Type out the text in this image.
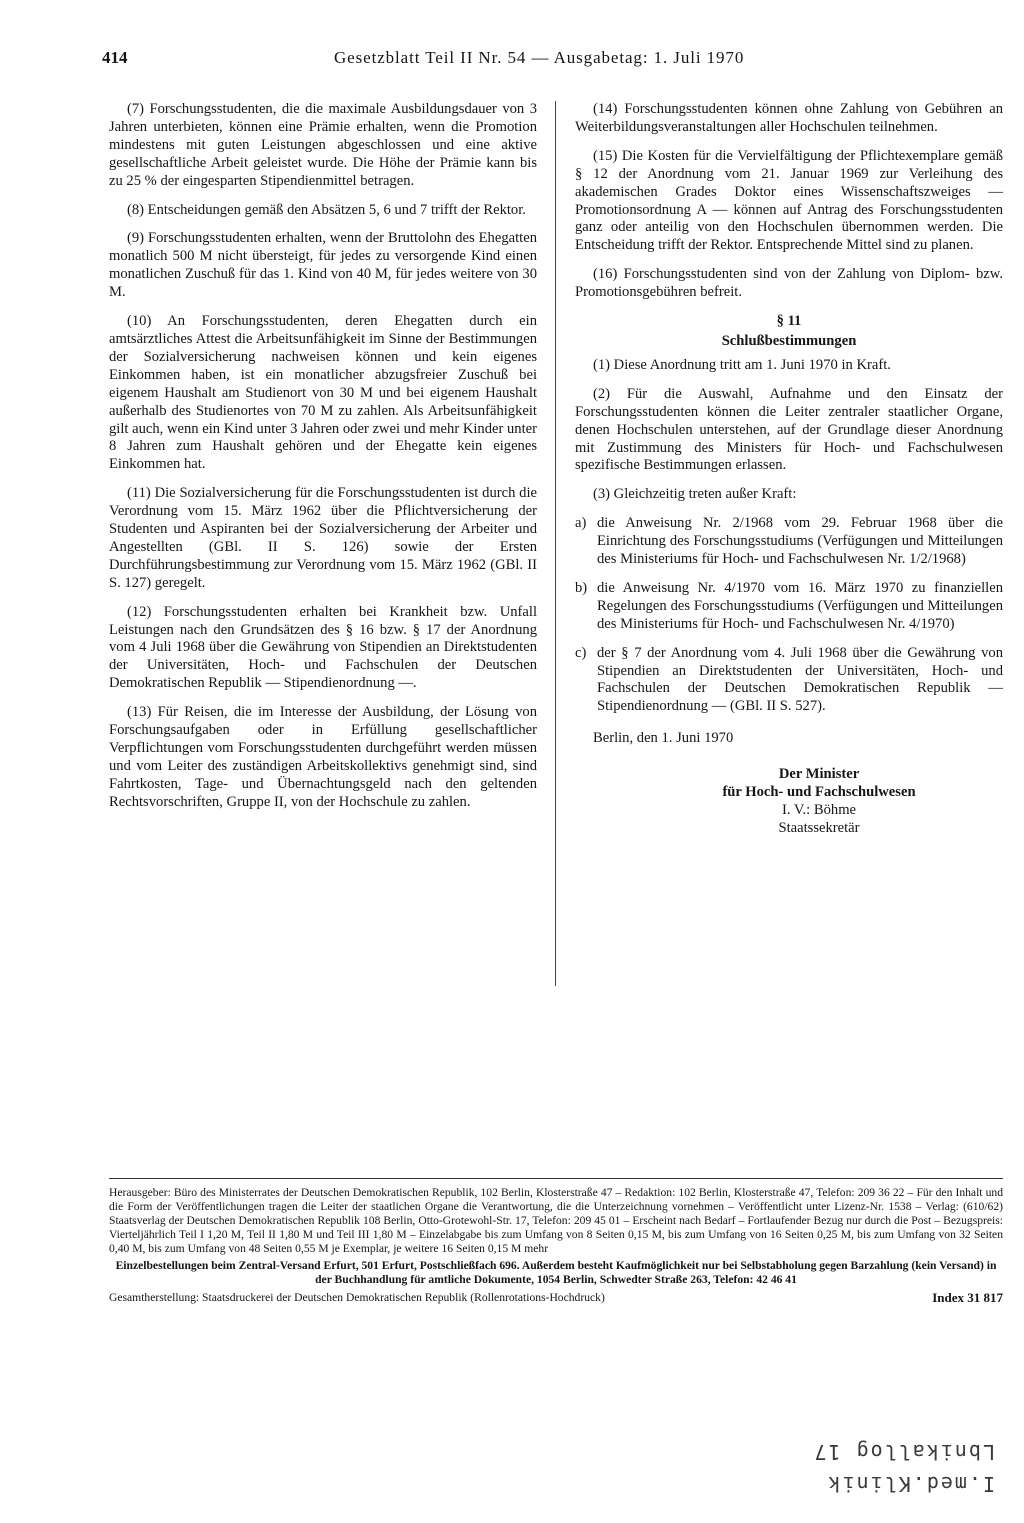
414	Gesetzblatt Teil II Nr. 54 — Ausgabetag: 1. Juli 1970

(7) Forschungsstudenten, die die maximale Ausbildungsdauer von 3 Jahren unterbieten, können eine Prämie erhalten, wenn die Promotion mindestens mit guten Leistungen abgeschlossen und eine aktive gesellschaftliche Arbeit geleistet wurde. Die Höhe der Prämie kann bis zu 25 % der eingesparten Stipendienmittel betragen.

(8) Entscheidungen gemäß den Absätzen 5, 6 und 7 trifft der Rektor.

(9) Forschungsstudenten erhalten, wenn der Bruttolohn des Ehegatten monatlich 500 M nicht übersteigt, für jedes zu versorgende Kind einen monatlichen Zuschuß für das 1. Kind von 40 M, für jedes weitere von 30 M.

(10) An Forschungsstudenten, deren Ehegatten durch ein amtsärztliches Attest die Arbeitsunfähigkeit im Sinne der Bestimmungen der Sozialversicherung nachweisen können und kein eigenes Einkommen haben, ist ein monatlicher abzugsfreier Zuschuß bei eigenem Haushalt am Studienort von 30 M und bei eigenem Haushalt außerhalb des Studienortes von 70 M zu zahlen. Als Arbeitsunfähigkeit gilt auch, wenn ein Kind unter 3 Jahren oder zwei und mehr Kinder unter 8 Jahren zum Haushalt gehören und der Ehegatte kein eigenes Einkommen hat.

(11) Die Sozialversicherung für die Forschungsstudenten ist durch die Verordnung vom 15. März 1962 über die Pflichtversicherung der Studenten und Aspiranten bei der Sozialversicherung der Arbeiter und Angestellten (GBl. II S. 126) sowie der Ersten Durchführungsbestimmung zur Verordnung vom 15. März 1962 (GBl. II S. 127) geregelt.

(12) Forschungsstudenten erhalten bei Krankheit bzw. Unfall Leistungen nach den Grundsätzen des § 16 bzw. § 17 der Anordnung vom 4 Juli 1968 über die Gewährung von Stipendien an Direktstudenten der Universitäten, Hoch- und Fachschulen der Deutschen Demokratischen Republik — Stipendienordnung —.

(13) Für Reisen, die im Interesse der Ausbildung, der Lösung von Forschungsaufgaben oder in Erfüllung gesellschaftlicher Verpflichtungen vom Forschungsstudenten durchgeführt werden müssen und vom Leiter des zuständigen Arbeitskollektivs genehmigt sind, sind Fahrtkosten, Tage- und Übernachtungsgeld nach den geltenden Rechtsvorschriften, Gruppe II, von der Hochschule zu zahlen.

(14) Forschungsstudenten können ohne Zahlung von Gebühren an Weiterbildungsveranstaltungen aller Hochschulen teilnehmen.

(15) Die Kosten für die Vervielfältigung der Pflichtexemplare gemäß § 12 der Anordnung vom 21. Januar 1969 zur Verleihung des akademischen Grades Doktor eines Wissenschaftszweiges — Promotionsordnung A — können auf Antrag des Forschungsstudenten ganz oder anteilig von den Hochschulen übernommen werden. Die Entscheidung trifft der Rektor. Entsprechende Mittel sind zu planen.

(16) Forschungsstudenten sind von der Zahlung von Diplom- bzw. Promotionsgebühren befreit.

§ 11
Schlußbestimmungen

(1) Diese Anordnung tritt am 1. Juni 1970 in Kraft.

(2) Für die Auswahl, Aufnahme und den Einsatz der Forschungsstudenten können die Leiter zentraler staatlicher Organe, denen Hochschulen unterstehen, auf der Grundlage dieser Anordnung mit Zustimmung des Ministers für Hoch- und Fachschulwesen spezifische Bestimmungen erlassen.

(3) Gleichzeitig treten außer Kraft:

a) die Anweisung Nr. 2/1968 vom 29. Februar 1968 über die Einrichtung des Forschungsstudiums (Verfügungen und Mitteilungen des Ministeriums für Hoch- und Fachschulwesen Nr. 1/2/1968)
b) die Anweisung Nr. 4/1970 vom 16. März 1970 zu finanziellen Regelungen des Forschungsstudiums (Verfügungen und Mitteilungen des Ministeriums für Hoch- und Fachschulwesen Nr. 4/1970)
c) der § 7 der Anordnung vom 4. Juli 1968 über die Gewährung von Stipendien an Direktstudenten der Universitäten, Hoch- und Fachschulen der Deutschen Demokratischen Republik — Stipendienordnung — (GBl. II S. 527).
Berlin, den 1. Juni 1970
Der Minister
für Hoch- und Fachschulwesen
I. V.: Böhme
Staatssekretär

Herausgeber: Büro des Ministerrates der Deutschen Demokratischen Republik, 102 Berlin, Klosterstraße 47 – Redaktion: 102 Berlin, Klosterstraße 47, Telefon: 209 36 22 – Für den Inhalt und die Form der Veröffentlichungen tragen die Leiter der staatlichen Organe die Verantwortung, die die Unterzeichnung vornehmen – Veröffentlicht unter Lizenz-Nr. 1538 – Verlag: (610/62) Staatsverlag der Deutschen Demokratischen Republik 108 Berlin, Otto-Grotewohl-Str. 17, Telefon: 209 45 01 – Erscheint nach Bedarf – Fortlaufender Bezug nur durch die Post – Bezugspreis: Vierteljährlich Teil I 1,20 M, Teil II 1,80 M und Teil III 1,80 M – Einzelabgabe bis zum Umfang von 8 Seiten 0,15 M, bis zum Umfang von 16 Seiten 0,25 M, bis zum Umfang von 32 Seiten 0,40 M, bis zum Umfang von 48 Seiten 0,55 M je Exemplar, je weitere 16 Seiten 0,15 M mehr

Einzelbestellungen beim Zentral-Versand Erfurt, 501 Erfurt, Postschließfach 696. Außerdem besteht Kaufmöglichkeit nur bei Selbstabholung gegen Barzahlung (kein Versand) in der Buchhandlung für amtliche Dokumente, 1054 Berlin, Schwedter Straße 263, Telefon: 42 46 41

Gesamtherstellung: Staatsdruckerei der Deutschen Demokratischen Republik (Rollenrotations-Hochdruck)	Index 31 817
Lbnikallog 17
I.med.Klinik
